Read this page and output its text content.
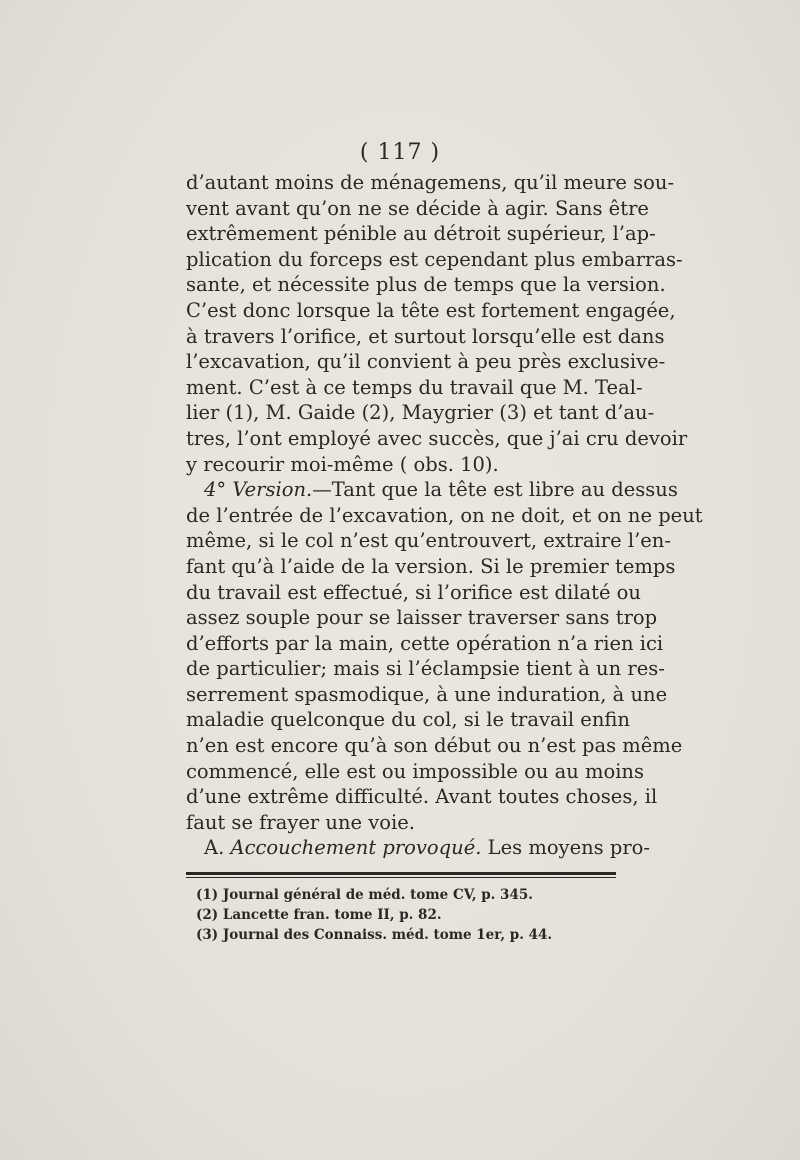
( 117 )
d’autant moins de ménagemens, qu’il meure sou-
vent avant qu’on ne se décide à agir. Sans être
extrêmement pénible au détroit supérieur, l’ap-
plication du forceps est cependant plus embarras-
sante, et nécessite plus de temps que la version.
C’est donc lorsque la tête est fortement engagée,
à travers l’orifice, et surtout lorsqu’elle est dans
l’excavation, qu’il convient à peu près exclusive-
ment. C’est à ce temps du travail que M. Teal-
lier (1), M. Gaide (2), Maygrier (3) et tant d’au-
tres, l’ont employé avec succès, que j’ai cru devoir
y recourir moi-même ( obs. 10).
4° Version.—Tant que la tête est libre au dessus
de l’entrée de l’excavation, on ne doit, et on ne peut
même, si le col n’est qu’entrouvert, extraire l’en-
fant qu’à l’aide de la version. Si le premier temps
du travail est effectué, si l’orifice est dilaté ou
assez souple pour se laisser traverser sans trop
d’efforts par la main, cette opération n’a rien ici
de particulier; mais si l’éclampsie tient à un res-
serrement spasmodique, à une induration, à une
maladie quelconque du col, si le travail enfin
n’en est encore qu’à son début ou n’est pas même
commencé, elle est ou impossible ou au moins
d’une extrême difficulté. Avant toutes choses, il
faut se frayer une voie.
A. Accouchement provoqué. Les moyens pro-
(1) Journal général de méd. tome CV, p. 345.
(2) Lancette fran. tome II, p. 82.
(3) Journal des Connaiss. méd. tome 1er, p. 44.
